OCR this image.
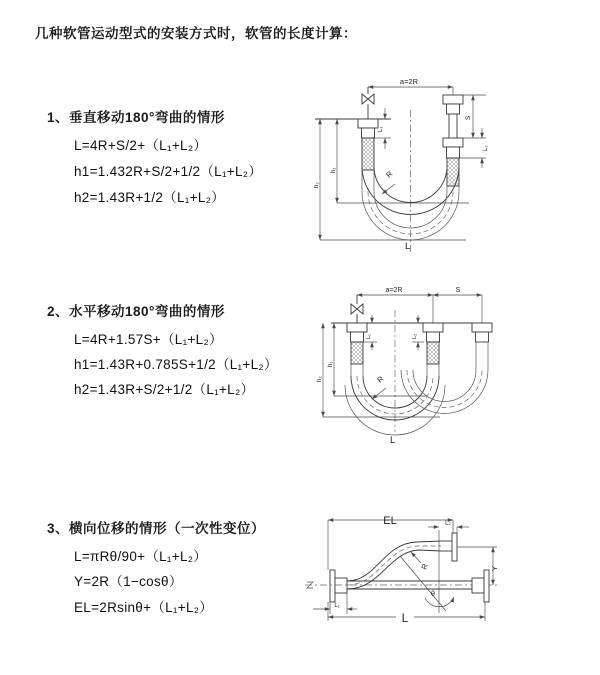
几种软管运动型式的安装方式时，软管的长度计算：
1、垂直移动180°弯曲的情形
L=4R+S/2+（L₁+L₂）
h1=1.432R+S/2+1/2（L₁+L₂）
h2=1.43R+1/2（L₁+L₂）
2、水平移动180°弯曲的情形
L=4R+1.57S+（L₁+L₂）
h1=1.43R+0.785S+1/2（L₁+L₂）
h2=1.43R+S/2+1/2（L₁+L₂）
3、横向位移的情形（一次性变位）
L=πRθ/90+（L₁+L₂）
Y=2R（1−cosθ）
EL=2Rsinθ+（L₁+L₂）
a=2R
L₁
S
L₂
h₁
h₂
R
L
a=2R	S
L₁	L₂
h₁
h₂	R
L
EL	L₂
Y
θ
R
L₁
L
